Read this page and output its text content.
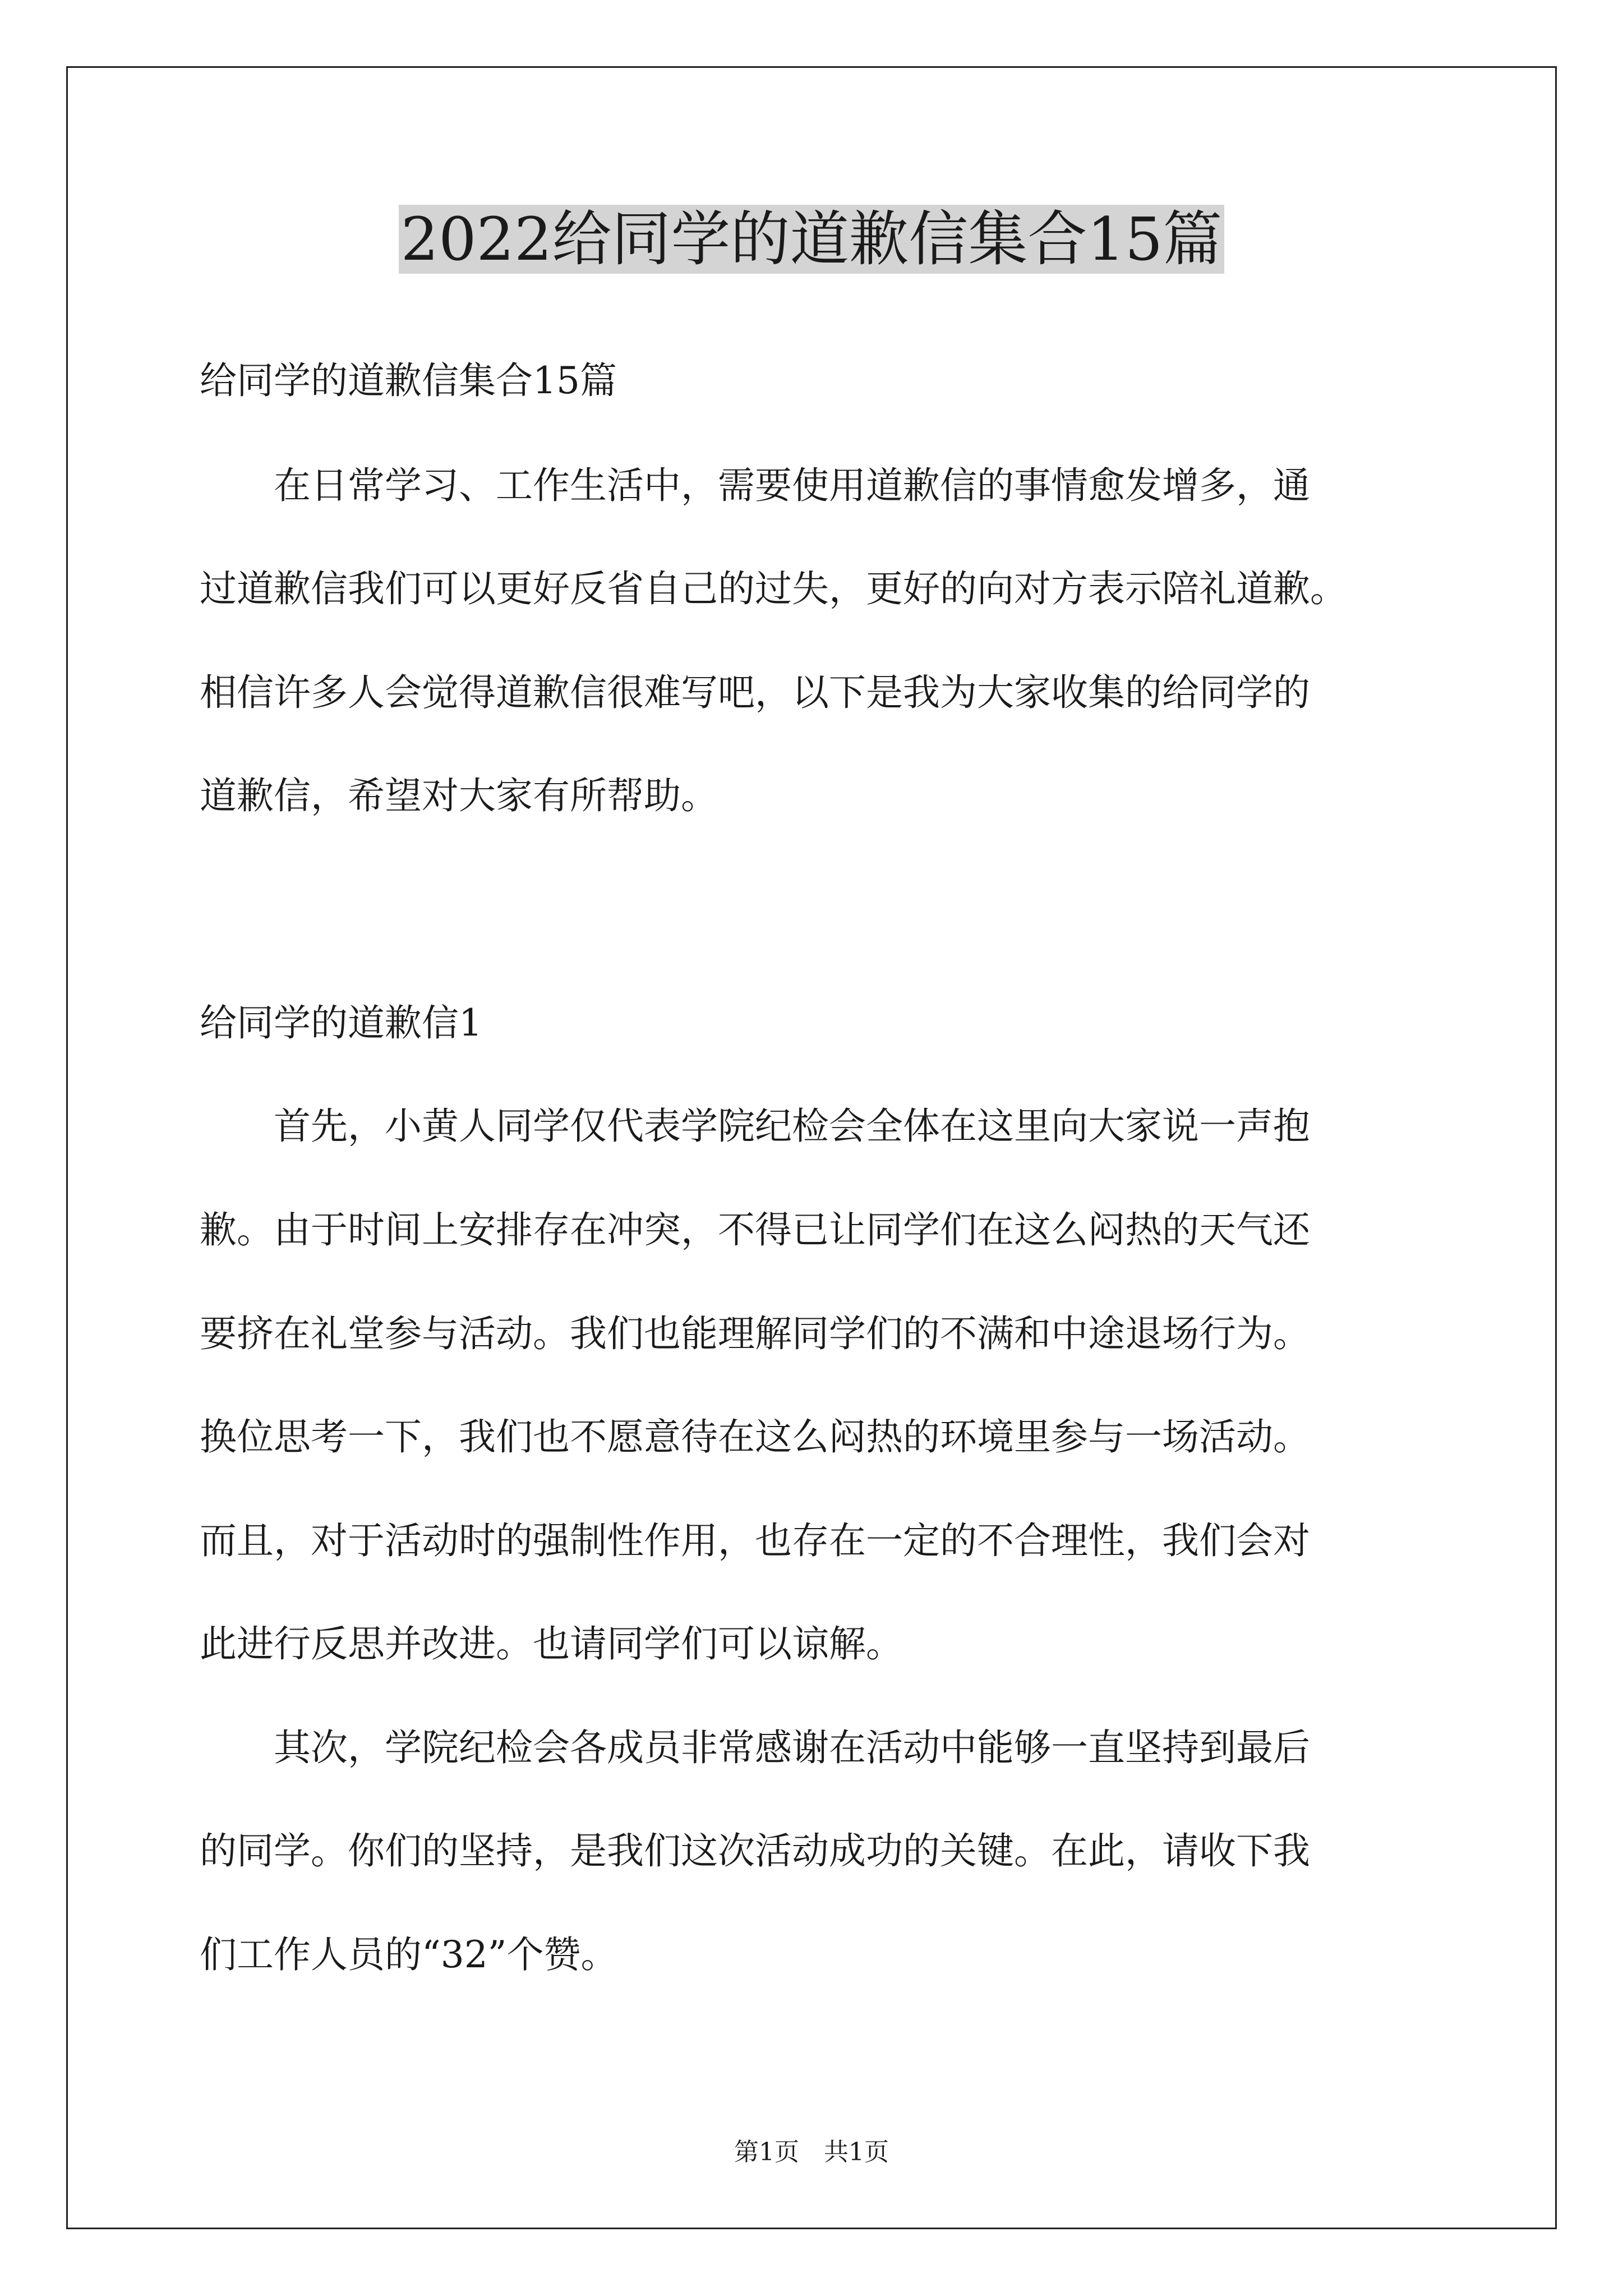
2022给同学的道歉信集合15篇

给同学的道歉信集合15篇

　　在日常学习、工作生活中，需要使用道歉信的事情愈发增多，通

过道歉信我们可以更好反省自己的过失，更好的向对方表示陪礼道歉。

相信许多人会觉得道歉信很难写吧，以下是我为大家收集的给同学的

道歉信，希望对大家有所帮助。

给同学的道歉信1

　　首先，小黄人同学仅代表学院纪检会全体在这里向大家说一声抱

歉。由于时间上安排存在冲突，不得已让同学们在这么闷热的天气还

要挤在礼堂参与活动。我们也能理解同学们的不满和中途退场行为。

换位思考一下，我们也不愿意待在这么闷热的环境里参与一场活动。

而且，对于活动时的强制性作用，也存在一定的不合理性，我们会对

此进行反思并改进。也请同学们可以谅解。

　　其次，学院纪检会各成员非常感谢在活动中能够一直坚持到最后

的同学。你们的坚持，是我们这次活动成功的关键。在此，请收下我

们工作人员的“32”个赞。

第1页　共1页
